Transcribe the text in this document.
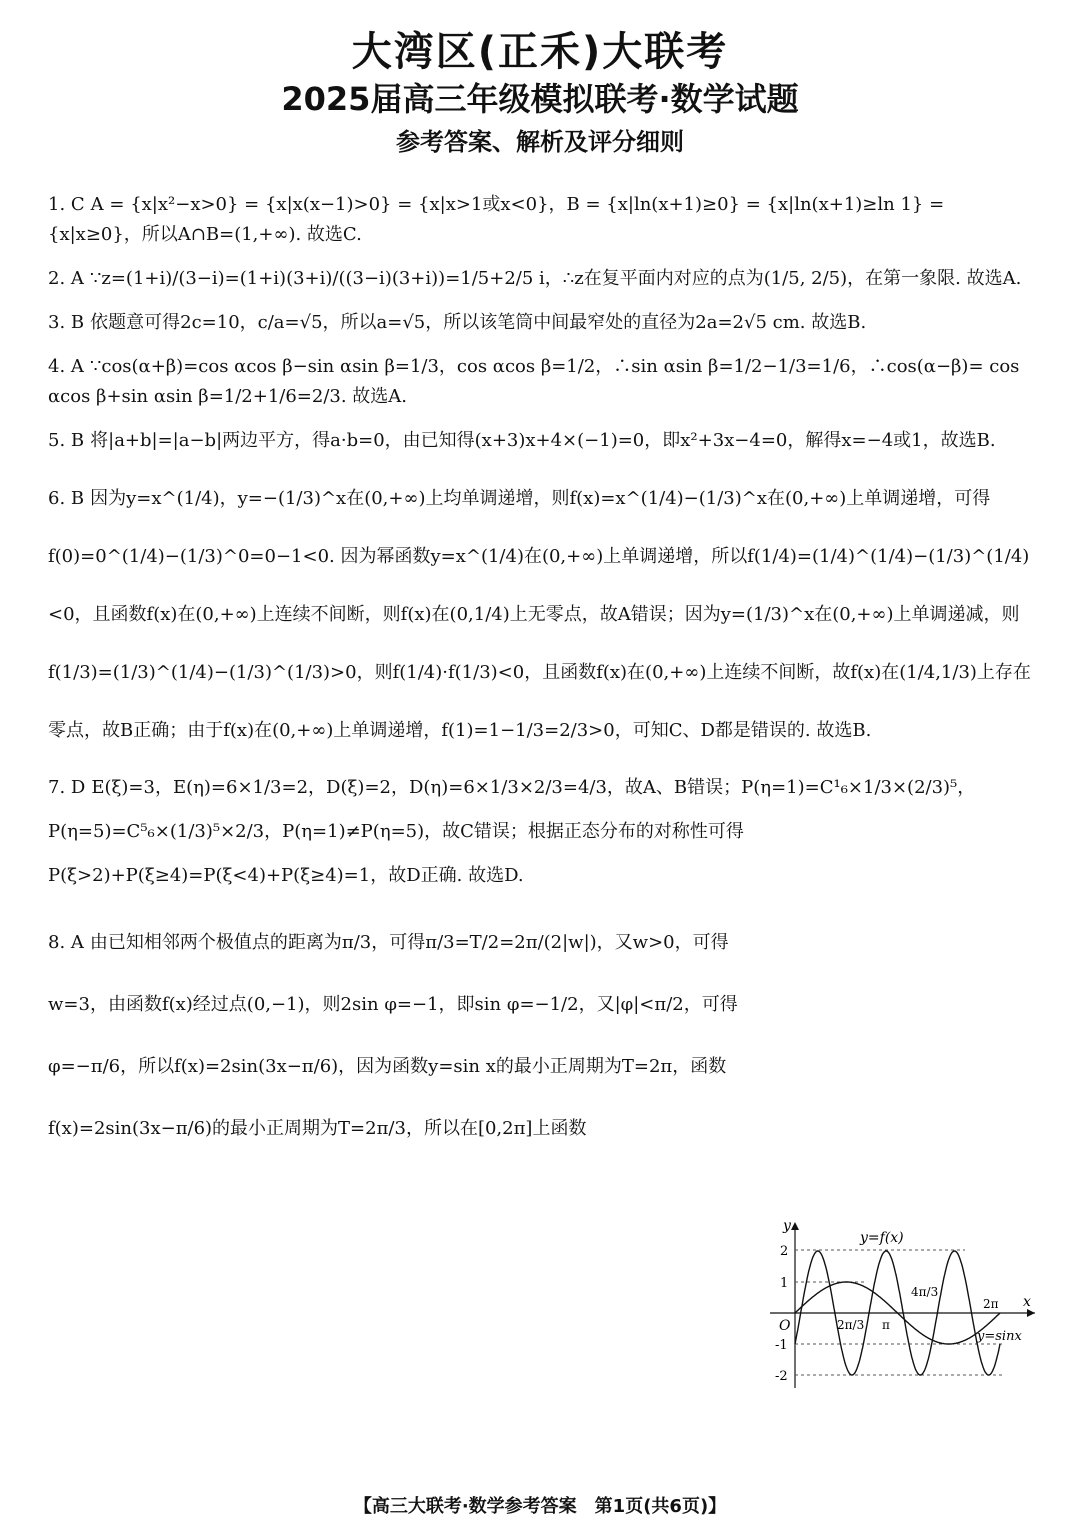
大湾区(正禾)大联考
2025届高三年级模拟联考·数学试题
参考答案、解析及评分细则

1. C A = {x|x²−x>0} = {x|x(x−1)>0} = {x|x>1或x<0}，B = {x|ln(x+1)≥0} = {x|ln(x+1)≥ln 1} = {x|x≥0}，所以A∩B=(1,+∞). 故选C.

2. A ∵z=(1+i)/(3−i)=(1+i)(3+i)/((3−i)(3+i))=1/5+2/5 i，∴z在复平面内对应的点为(1/5, 2/5)，在第一象限. 故选A.

3. B 依题意可得2c=10，c/a=√5，所以a=√5，所以该笔筒中间最窄处的直径为2a=2√5 cm. 故选B.

4. A ∵cos(α+β)=cos αcos β−sin αsin β=1/3，cos αcos β=1/2，∴sin αsin β=1/2−1/3=1/6，∴cos(α−β)= cos αcos β+sin αsin β=1/2+1/6=2/3. 故选A.

5. B 将|a+b|=|a−b|两边平方，得a·b=0，由已知得(x+3)x+4×(−1)=0，即x²+3x−4=0，解得x=−4或1，故选B.

6. B 因为y=x^(1/4)，y=−(1/3)^x在(0,+∞)上均单调递增，则f(x)=x^(1/4)−(1/3)^x在(0,+∞)上单调递增，可得f(0)=0^(1/4)−(1/3)^0=0−1<0. 因为幂函数y=x^(1/4)在(0,+∞)上单调递增，所以f(1/4)=(1/4)^(1/4)−(1/3)^(1/4)<0，且函数f(x)在(0,+∞)上连续不间断，则f(x)在(0,1/4)上无零点，故A错误；因为y=(1/3)^x在(0,+∞)上单调递减，则f(1/3)=(1/3)^(1/4)−(1/3)^(1/3)>0，则f(1/4)·f(1/3)<0，且函数f(x)在(0,+∞)上连续不间断，故f(x)在(1/4,1/3)上存在零点，故B正确；由于f(x)在(0,+∞)上单调递增，f(1)=1−1/3=2/3>0，可知C、D都是错误的. 故选B.

7. D E(ξ)=3，E(η)=6×1/3=2，D(ξ)=2，D(η)=6×1/3×2/3=4/3，故A、B错误；P(η=1)=C¹₆×1/3×(2/3)⁵，P(η=5)=C⁵₆×(1/3)⁵×2/3，P(η=1)≠P(η=5)，故C错误；根据正态分布的对称性可得P(ξ>2)+P(ξ≥4)=P(ξ<4)+P(ξ≥4)=1，故D正确. 故选D.

8. A 由已知相邻两个极值点的距离为π/3，可得π/3=T/2=2π/(2|w|)，又w>0，可得w=3，由函数f(x)经过点(0,−1)，则2sin φ=−1，即sin φ=−1/2，又|φ|<π/2，可得φ=−π/6，所以f(x)=2sin(3x−π/6)，因为函数y=sin x的最小正周期为T=2π，函数f(x)=2sin(3x−π/6)的最小正周期为T=2π/3，所以在[0,2π]上函数

y
x
O
2
1
-1
-2
2π/3 π
4π/3
2π
y=f(x)
y=sinx
【高三大联考·数学参考答案　第1页(共6页)】
